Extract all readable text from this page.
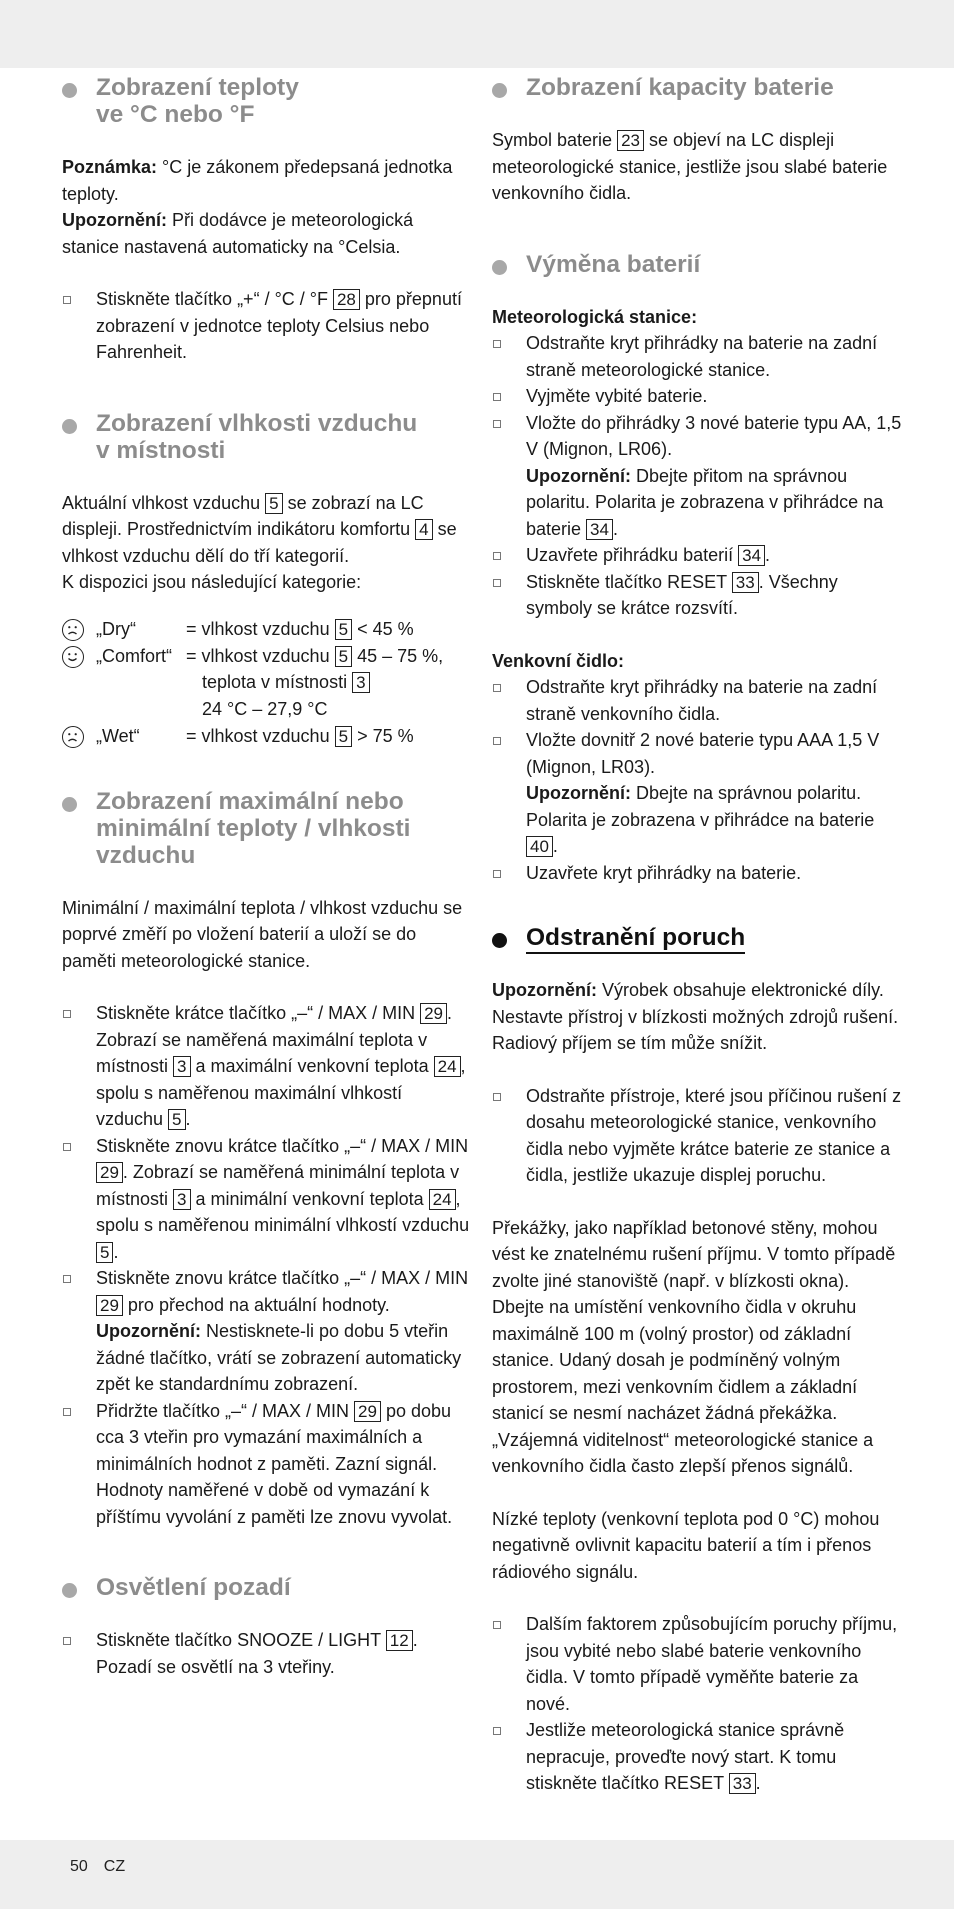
Zobrazení teploty
ve °C nebo °F
Poznámka: °C je zákonem předepsaná jednotka teploty.
Upozornění: Při dodávce je meteorologická stanice nastavená automaticky na °Celsia.
Stiskněte tlačítko „+“ / °C / °F 28 pro přepnutí zobrazení v jednotce teploty Celsius nebo Fahrenheit.
Zobrazení vlhkosti vzduchu
v místnosti
Aktuální vlhkost vzduchu 5 se zobrazí na LC displeji. Prostřednictvím indikátoru komfortu 4 se vlhkost vzduchu dělí do tří kategorií.
K dispozici jsou následující kategorie:
„Dry“	= vlhkost vzduchu 5 < 45 %
„Comfort“ = vlhkost vzduchu 5 45 – 75 %,
teplota v místnosti 3
24 °C – 27,9 °C
„Wet“	= vlhkost vzduchu 5 > 75 %
Zobrazení maximální nebo
minimální teploty / vlhkosti
vzduchu
Minimální / maximální teplota / vlhkost vzduchu se poprvé změří po vložení baterií a uloží se do paměti meteorologické stanice.
Stiskněte krátce tlačítko „–“ / MAX / MIN 29 . Zobrazí se naměřená maximální teplota v místnosti 3 a maximální venkovní teplota 24 , spolu s naměřenou maximální vlhkostí vzduchu 5 .
Stiskněte znovu krátce tlačítko „–“ / MAX / MIN 29 . Zobrazí se naměřená minimální teplota v místnosti 3 a minimální venkovní teplota 24 , spolu s naměřenou minimální vlhkostí vzduchu 5 .
Stiskněte znovu krátce tlačítko „–“ / MAX / MIN 29 pro přechod na aktuální hodnoty.
Upozornění: Nestisknete-li po dobu 5 vteřin žádné tlačítko, vrátí se zobrazení automaticky zpět ke standardnímu zobrazení.
Přidržte tlačítko „–“ / MAX / MIN 29 po dobu cca 3 vteřin pro vymazání maximálních a minimálních hodnot z paměti. Zazní signál. Hodnoty naměřené v době od vymazání k příštímu vyvolání z paměti lze znovu vyvolat.
Osvětlení pozadí
Stiskněte tlačítko SNOOZE / LIGHT 12 . Pozadí se osvětlí na 3 vteřiny.
Zobrazení kapacity baterie
Symbol baterie 23 se objeví na LC displeji meteorologické stanice, jestliže jsou slabé baterie venkovního čidla.
Výměna baterií
Meteorologická stanice:
Odstraňte kryt přihrádky na baterie na zadní straně meteorologické stanice.
Vyjměte vybité baterie.
Vložte do přihrádky 3 nové baterie typu AA, 1,5 V (Mignon, LR06).
Upozornění: Dbejte přitom na správnou polaritu. Polarita je zobrazena v přihrádce na baterie 34 .
Uzavřete přihrádku baterií 34 .
Stiskněte tlačítko RESET 33 . Všechny symboly se krátce rozsvítí.
Venkovní čidlo:
Odstraňte kryt přihrádky na baterie na zadní straně venkovního čidla.
Vložte dovnitř 2 nové baterie typu AAA 1,5 V (Mignon, LR03).
Upozornění: Dbejte na správnou polaritu. Polarita je zobrazena v přihrádce na baterie 40 .
Uzavřete kryt přihrádky na baterie.
Odstranění poruch
Upozornění: Výrobek obsahuje elektronické díly. Nestavte přístroj v blízkosti možných zdrojů rušení. Radiový příjem se tím může snížit.
Odstraňte přístroje, které jsou příčinou rušení z dosahu meteorologické stanice, venkovního čidla nebo vyjměte krátce baterie ze stanice a čidla, jestliže ukazuje displej poruchu.
Překážky, jako například betonové stěny, mohou vést ke znatelnému rušení příjmu. V tomto případě zvolte jiné stanoviště (např. v blízkosti okna). Dbejte na umístění venkovního čidla v okruhu maximálně 100 m (volný prostor) od základní stanice. Udaný dosah je podmíněný volným prostorem, mezi venkovním čidlem a základní stanicí se nesmí nacházet žádná překážka. „Vzájemná viditelnost“ meteorologické stanice a venkovního čidla často zlepší přenos signálů.
Nízké teploty (venkovní teplota pod 0 °C) mohou negativně ovlivnit kapacitu baterií a tím i přenos rádiového signálu.
Dalším faktorem způsobujícím poruchy příjmu, jsou vybité nebo slabé baterie venkovního čidla. V tomto případě vyměňte baterie za nové.
Jestliže meteorologická stanice správně nepracuje, proveďte nový start. K tomu stiskněte tlačítko RESET 33 .
50 CZ
